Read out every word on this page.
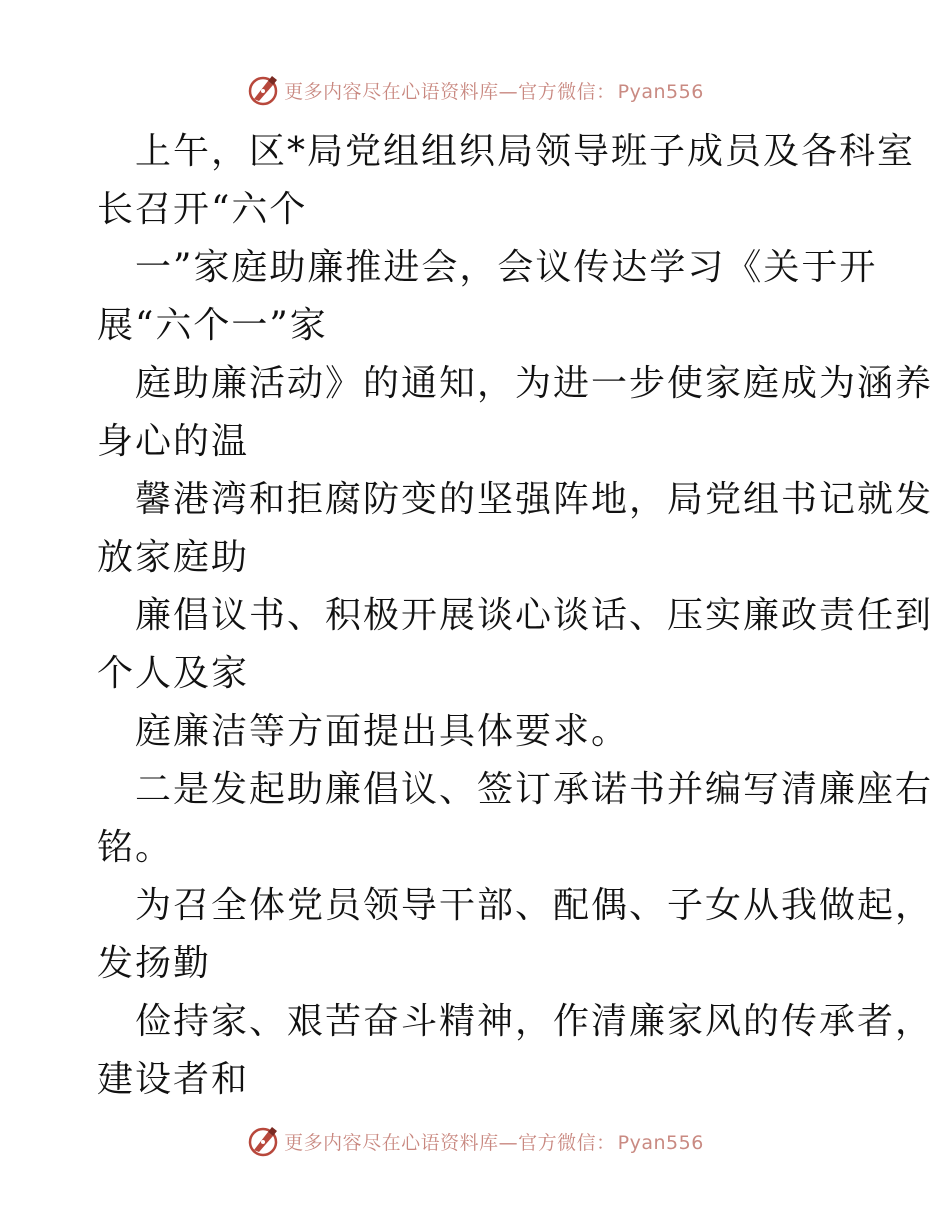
更多内容尽在心语资料库—官方微信： Pyan556
上午，区*局党组组织局领导班子成员及各科室
长召开“六个
一”家庭助廉推进会，会议传达学习《关于开
展“六个一”家
庭助廉活动》的通知，为进一步使家庭成为涵养
身心的温
馨港湾和拒腐防变的坚强阵地，局党组书记就发
放家庭助
廉倡议书、积极开展谈心谈话、压实廉政责任到
个人及家
庭廉洁等方面提出具体要求。
二是发起助廉倡议、签订承诺书并编写清廉座右
铭。
为召全体党员领导干部、配偶、子女从我做起，
发扬勤
俭持家、艰苦奋斗精神，作清廉家风的传承者，
建设者和
更多内容尽在心语资料库—官方微信： Pyan556
